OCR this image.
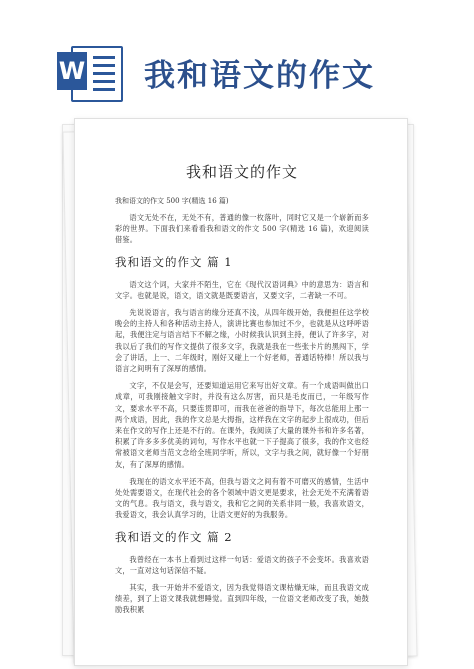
W 我和语文的作文
我和语文的作文
我和语文的作文 500 字(精选 16 篇)
语文无处不在，无处不有，普通的像一枚落叶，同时它又是一个崭新而多彩的世界。下面我们来看看我和语文的作文 500 字(精选 16 篇)，欢迎阅读借鉴。
我和语文的作文 篇 1
语文这个词，大家并不陌生，它在《现代汉语词典》中的意思为：语言和文字。也就是说，语文，语文就是既要语言，又要文字，二者缺一不可。
先说说语言，我与语言的缘分还真不浅，从四年级开始，我便担任这学校晚会的主持人和各种活动主持人，演讲比赛也参加过不少，也就是从这呼呼语起，我便注定与语言结下不解之缘，小时候我认识到主持，便认了许多字，对我以后了我们的写作文提供了很多文字，我就是我在一些张卡片的黑闯下，学会了讲话，上一、二年级时，刚好又碰上一个好老师，普通话特棒！所以我与语言之间明有了深厚的感情。
文字，不仅是会写，还要知道运用它来写出好文章。有一个成语叫做出口成章，可我刚接触文字时，并没有这么厉害，而只是毛皮而已，一年级写作文，要求水平不高，只要连贯即可，而我在爸爸的指导下，每次总能用上那一两个成语，因此，我的作文总是大拇指，这样我在文字的起步上很成功，但后来在作文的写作上还是不行的。在课外，我阅读了大量的课外书和许多名著，积累了许多多多优美的词句，写作水平也就一下子提高了很多，我的作文也经常被语文老师当范文念给全班同学听，所以，文字与我之间，就好像一个好朋友，有了深厚的感情。
我现在的语文水平还不高，但我与语文之间有着不可磨灭的感情，生活中处处需要语文，在现代社会的各个领域中语文更是要求，社会无处不充满着语文的气息。我与语文，我与语文，我和它之间的关系非同一般，我喜欢语文，我爱语文，我会认真学习的，让语文更好的为我服务。
我和语文的作文 篇 2
我曾经在一本书上看到过这样一句话：爱语文的孩子不会变坏。我喜欢语文，一直对这句话深信不疑。
其实，我一开始并不爱语文，因为我觉得语文课枯燥无味，而且我语文成绩差，到了上语文课我就想睡觉。直到四年级，一位语文老师改变了我，她鼓励我积累
